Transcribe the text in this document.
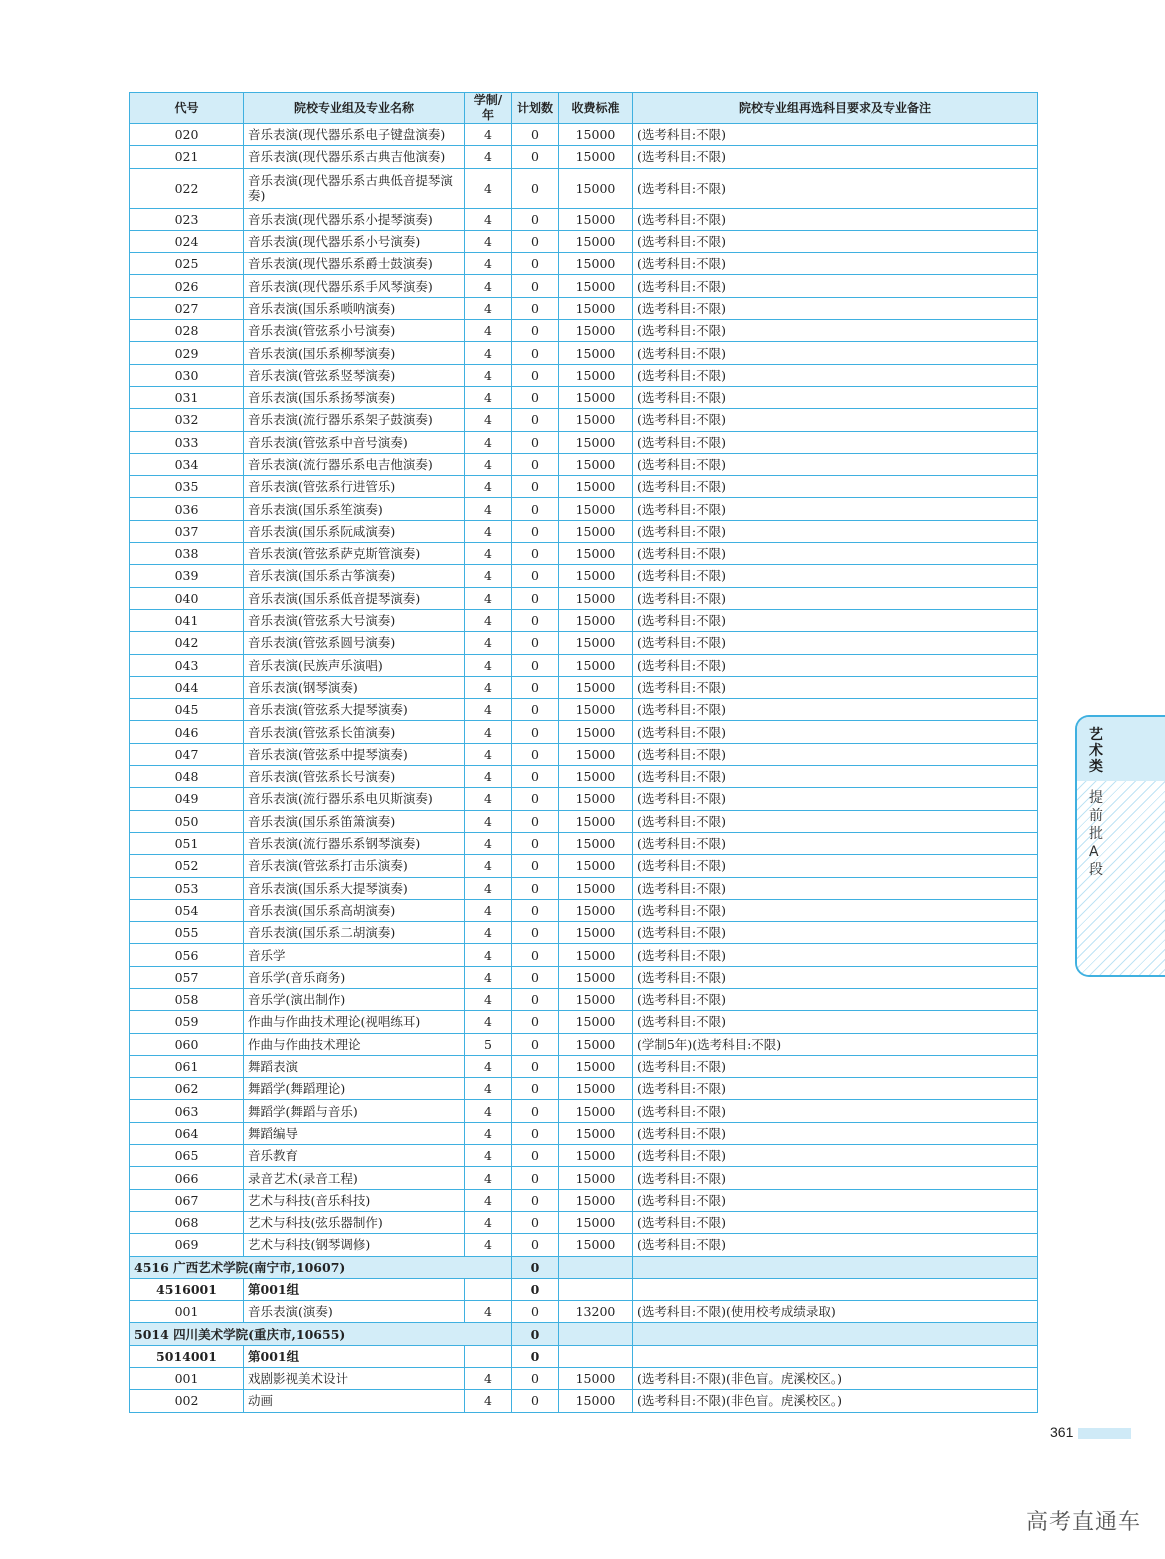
代号	院校专业组及专业名称	学制/年	计划数	收费标准	院校专业组再选科目要求及专业备注
020	音乐表演(现代器乐系电子键盘演奏)	4	0	15000	(选考科目:不限)
021	音乐表演(现代器乐系古典吉他演奏)	4	0	15000	(选考科目:不限)
022	音乐表演(现代器乐系古典低音提琴演奏)	4	0	15000	(选考科目:不限)
023	音乐表演(现代器乐系小提琴演奏)	4	0	15000	(选考科目:不限)
024	音乐表演(现代器乐系小号演奏)	4	0	15000	(选考科目:不限)
025	音乐表演(现代器乐系爵士鼓演奏)	4	0	15000	(选考科目:不限)
026	音乐表演(现代器乐系手风琴演奏)	4	0	15000	(选考科目:不限)
027	音乐表演(国乐系唢呐演奏)	4	0	15000	(选考科目:不限)
028	音乐表演(管弦系小号演奏)	4	0	15000	(选考科目:不限)
029	音乐表演(国乐系柳琴演奏)	4	0	15000	(选考科目:不限)
030	音乐表演(管弦系竖琴演奏)	4	0	15000	(选考科目:不限)
031	音乐表演(国乐系扬琴演奏)	4	0	15000	(选考科目:不限)
032	音乐表演(流行器乐系架子鼓演奏)	4	0	15000	(选考科目:不限)
033	音乐表演(管弦系中音号演奏)	4	0	15000	(选考科目:不限)
034	音乐表演(流行器乐系电吉他演奏)	4	0	15000	(选考科目:不限)
035	音乐表演(管弦系行进管乐)	4	0	15000	(选考科目:不限)
036	音乐表演(国乐系笙演奏)	4	0	15000	(选考科目:不限)
037	音乐表演(国乐系阮咸演奏)	4	0	15000	(选考科目:不限)
038	音乐表演(管弦系萨克斯管演奏)	4	0	15000	(选考科目:不限)
039	音乐表演(国乐系古筝演奏)	4	0	15000	(选考科目:不限)
040	音乐表演(国乐系低音提琴演奏)	4	0	15000	(选考科目:不限)
041	音乐表演(管弦系大号演奏)	4	0	15000	(选考科目:不限)
042	音乐表演(管弦系圆号演奏)	4	0	15000	(选考科目:不限)
043	音乐表演(民族声乐演唱)	4	0	15000	(选考科目:不限)
044	音乐表演(钢琴演奏)	4	0	15000	(选考科目:不限)
045	音乐表演(管弦系大提琴演奏)	4	0	15000	(选考科目:不限)
046	音乐表演(管弦系长笛演奏)	4	0	15000	(选考科目:不限)
047	音乐表演(管弦系中提琴演奏)	4	0	15000	(选考科目:不限)
048	音乐表演(管弦系长号演奏)	4	0	15000	(选考科目:不限)
049	音乐表演(流行器乐系电贝斯演奏)	4	0	15000	(选考科目:不限)
050	音乐表演(国乐系笛箫演奏)	4	0	15000	(选考科目:不限)
051	音乐表演(流行器乐系钢琴演奏)	4	0	15000	(选考科目:不限)
052	音乐表演(管弦系打击乐演奏)	4	0	15000	(选考科目:不限)
053	音乐表演(国乐系大提琴演奏)	4	0	15000	(选考科目:不限)
054	音乐表演(国乐系高胡演奏)	4	0	15000	(选考科目:不限)
055	音乐表演(国乐系二胡演奏)	4	0	15000	(选考科目:不限)
056	音乐学	4	0	15000	(选考科目:不限)
057	音乐学(音乐商务)	4	0	15000	(选考科目:不限)
058	音乐学(演出制作)	4	0	15000	(选考科目:不限)
059	作曲与作曲技术理论(视唱练耳)	4	0	15000	(选考科目:不限)
060	作曲与作曲技术理论	5	0	15000	(学制5年)(选考科目:不限)
061	舞蹈表演	4	0	15000	(选考科目:不限)
062	舞蹈学(舞蹈理论)	4	0	15000	(选考科目:不限)
063	舞蹈学(舞蹈与音乐)	4	0	15000	(选考科目:不限)
064	舞蹈编导	4	0	15000	(选考科目:不限)
065	音乐教育	4	0	15000	(选考科目:不限)
066	录音艺术(录音工程)	4	0	15000	(选考科目:不限)
067	艺术与科技(音乐科技)	4	0	15000	(选考科目:不限)
068	艺术与科技(弦乐器制作)	4	0	15000	(选考科目:不限)
069	艺术与科技(钢琴调修)	4	0	15000	(选考科目:不限)
4516 广西艺术学院(南宁市,10607)			0		
4516001	第001组		0		
001	音乐表演(演奏)	4	0	13200	(选考科目:不限)(使用校考成绩录取)
5014 四川美术学院(重庆市,10655)			0		
5014001	第001组		0		
001	戏剧影视美术设计	4	0	15000	(选考科目:不限)(非色盲。虎溪校区。)
002	动画	4	0	15000	(选考科目:不限)(非色盲。虎溪校区。)
艺术类
提前批A段
361
高考直通车
